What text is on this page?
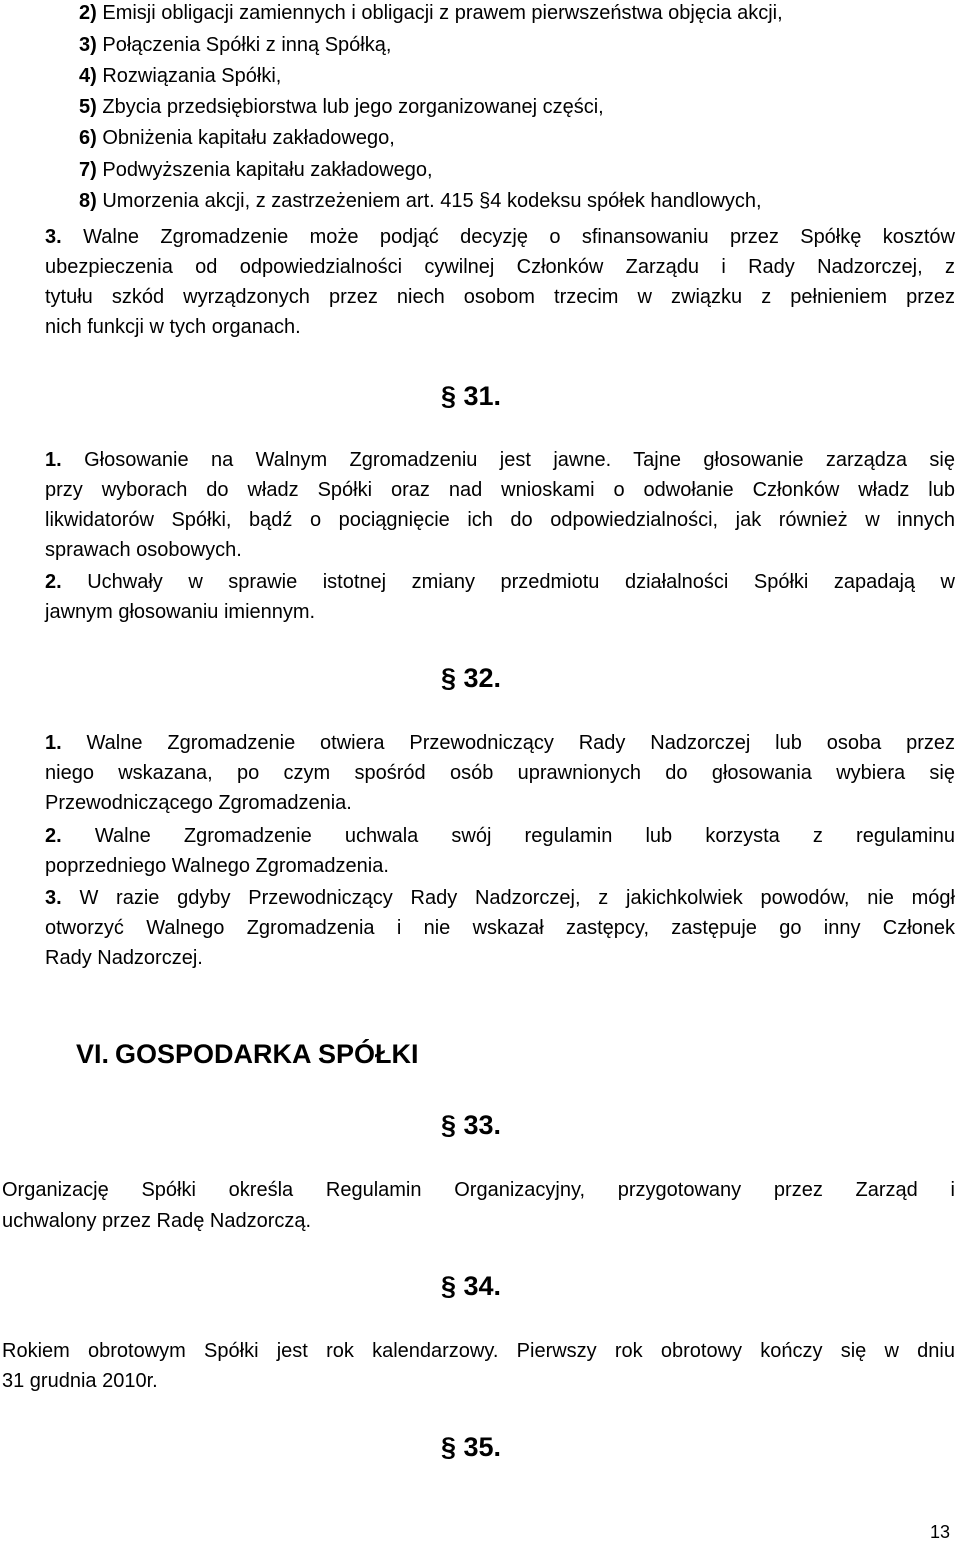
2) Emisji obligacji zamiennych i obligacji z prawem pierwszeństwa objęcia akcji,
3) Połączenia Spółki z inną Spółką,
4) Rozwiązania Spółki,
5) Zbycia przedsiębiorstwa lub jego zorganizowanej części,
6) Obniżenia kapitału zakładowego,
7) Podwyższenia kapitału zakładowego,
8) Umorzenia akcji, z zastrzeżeniem art. 415 §4 kodeksu spółek handlowych,
3. Walne Zgromadzenie może podjąć decyzję o sfinansowaniu przez Spółkę kosztów
ubezpieczenia od odpowiedzialności cywilnej Członków Zarządu i Rady Nadzorczej, z
tytułu szkód wyrządzonych przez niech osobom trzecim w związku z pełnieniem przez
nich funkcji w tych organach.
§ 31.
1. Głosowanie na Walnym Zgromadzeniu jest jawne. Tajne głosowanie zarządza się
przy wyborach do władz Spółki oraz nad wnioskami o odwołanie Członków władz lub
likwidatorów Spółki, bądź o pociągnięcie ich do odpowiedzialności, jak również w innych
sprawach osobowych.
2. Uchwały w sprawie istotnej zmiany przedmiotu działalności Spółki zapadają w
jawnym głosowaniu imiennym.
§ 32.
1. Walne Zgromadzenie otwiera Przewodniczący Rady Nadzorczej lub osoba przez
niego wskazana, po czym spośród osób uprawnionych do głosowania wybiera się
Przewodniczącego Zgromadzenia.
2. Walne Zgromadzenie uchwala swój regulamin lub korzysta z regulaminu
poprzedniego Walnego Zgromadzenia.
3. W razie gdyby Przewodniczący Rady Nadzorczej, z jakichkolwiek powodów, nie mógł
otworzyć Walnego Zgromadzenia i nie wskazał zastępcy, zastępuje go inny Członek
Rady Nadzorczej.
VI. GOSPODARKA SPÓŁKI
§ 33.
Organizację Spółki określa Regulamin Organizacyjny, przygotowany przez Zarząd i
uchwalony przez Radę Nadzorczą.
§ 34.
Rokiem obrotowym Spółki jest rok kalendarzowy. Pierwszy rok obrotowy kończy się w dniu
31 grudnia 2010r.
§ 35.
13
